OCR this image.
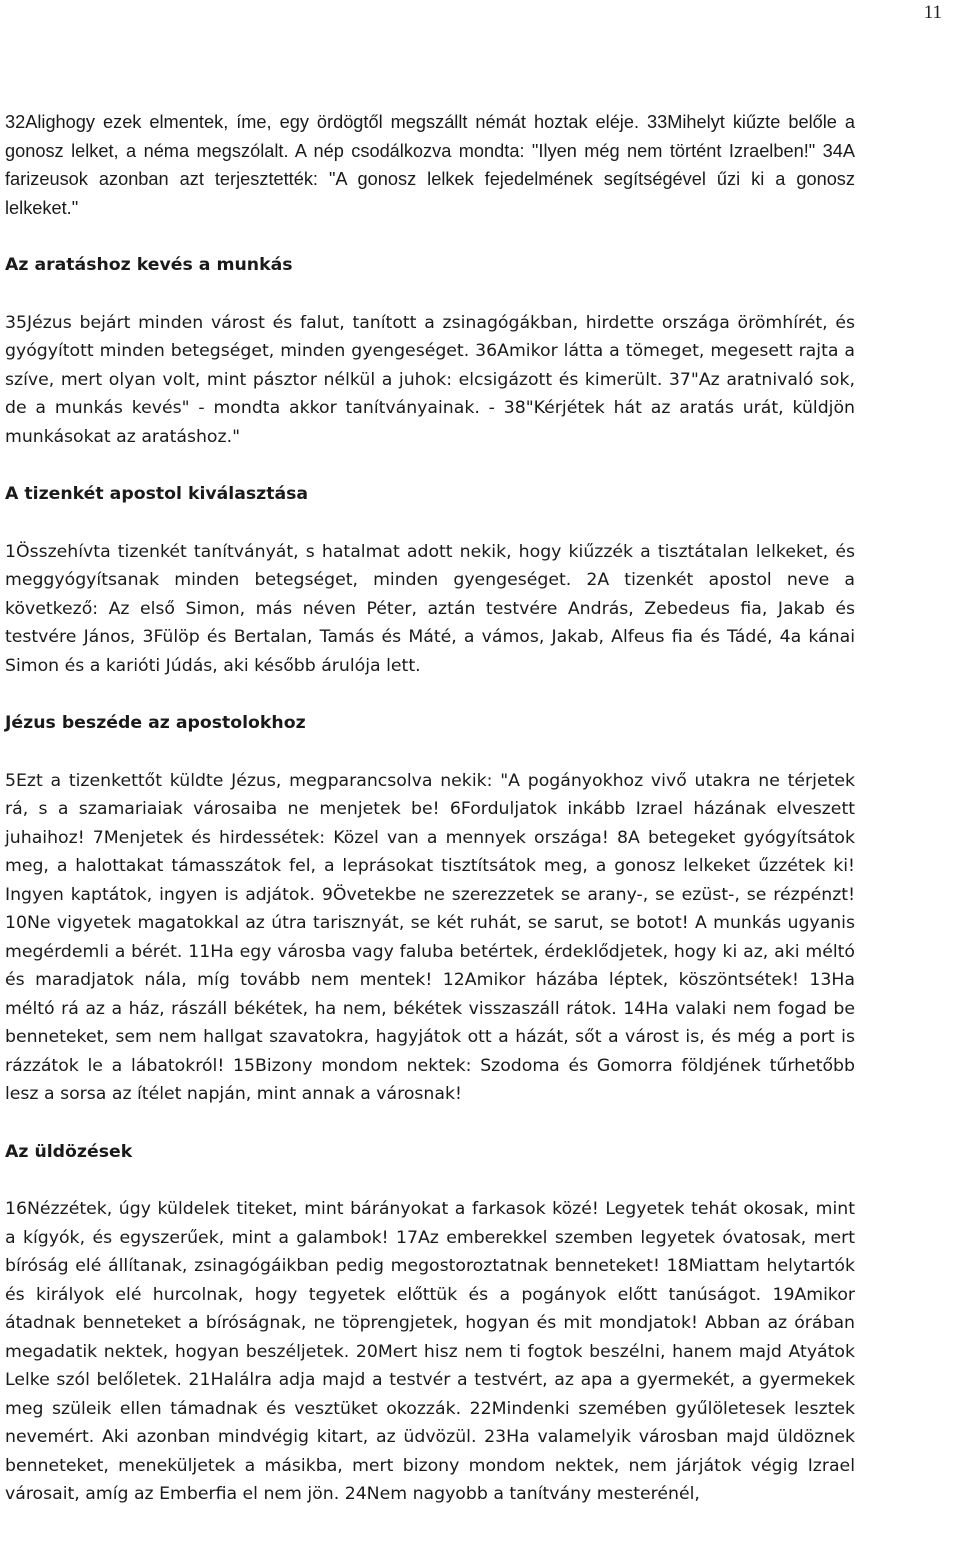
11

32Alighogy ezek elmentek, íme, egy ördögtől megszállt némát hoztak eléje. 33Mihelyt kiűzte belőle a gonosz lelket, a néma megszólalt. A nép csodálkozva mondta: "Ilyen még nem történt Izraelben!" 34A farizeusok azonban azt terjesztették: "A gonosz lelkek fejedelmének segítségével űzi ki a gonosz lelkeket."

Az aratáshoz kevés a munkás

35Jézus bejárt minden várost és falut, tanított a zsinagógákban, hirdette országa örömhírét, és gyógyított minden betegséget, minden gyengeséget. 36Amikor látta a tömeget, megesett rajta a szíve, mert olyan volt, mint pásztor nélkül a juhok: elcsigázott és kimerült. 37"Az aratnivaló sok, de a munkás kevés" - mondta akkor tanítványainak. - 38"Kérjétek hát az aratás urát, küldjön munkásokat az aratáshoz."

A tizenkét apostol kiválasztása

1Összehívta tizenkét tanítványát, s hatalmat adott nekik, hogy kiűzzék a tisztátalan lelkeket, és meggyógyítsanak minden betegséget, minden gyengeséget. 2A tizenkét apostol neve a következő: Az első Simon, más néven Péter, aztán testvére András, Zebedeus fia, Jakab és testvére János, 3Fülöp és Bertalan, Tamás és Máté, a vámos, Jakab, Alfeus fia és Tádé, 4a kánai Simon és a karióti Júdás, aki később árulója lett.

Jézus beszéde az apostolokhoz

5Ezt a tizenkettőt küldte Jézus, megparancsolva nekik: "A pogányokhoz vivő utakra ne térjetek rá, s a szamariaiak városaiba ne menjetek be! 6Forduljatok inkább Izrael házának elveszett juhaihoz! 7Menjetek és hirdessétek: Közel van a mennyek országa! 8A betegeket gyógyítsátok meg, a halottakat támasszátok fel, a leprásokat tisztítsátok meg, a gonosz lelkeket űzzétek ki! Ingyen kaptátok, ingyen is adjátok. 9Övetekbe ne szerezzetek se arany-, se ezüst-, se rézpénzt! 10Ne vigyetek magatokkal az útra tarisznyát, se két ruhát, se sarut, se botot! A munkás ugyanis megérdemli a bérét. 11Ha egy városba vagy faluba betértek, érdeklődjetek, hogy ki az, aki méltó és maradjatok nála, míg tovább nem mentek! 12Amikor házába léptek, köszöntsétek! 13Ha méltó rá az a ház, rászáll békétek, ha nem, békétek visszaszáll rátok. 14Ha valaki nem fogad be benneteket, sem nem hallgat szavatokra, hagyjátok ott a házát, sőt a várost is, és még a port is rázzátok le a lábatokról! 15Bizony mondom nektek: Szodoma és Gomorra földjének tűrhetőbb lesz a sorsa az ítélet napján, mint annak a városnak!

Az üldözések

16Nézzétek, úgy küldelek titeket, mint bárányokat a farkasok közé! Legyetek tehát okosak, mint a kígyók, és egyszerűek, mint a galambok! 17Az emberekkel szemben legyetek óvatosak, mert bíróság elé állítanak, zsinagógáikban pedig megostoroztatnak benneteket! 18Miattam helytartók és királyok elé hurcolnak, hogy tegyetek előttük és a pogányok előtt tanúságot. 19Amikor átadnak benneteket a bíróságnak, ne töprengjetek, hogyan és mit mondjatok! Abban az órában megadatik nektek, hogyan beszéljetek. 20Mert hisz nem ti fogtok beszélni, hanem majd Atyátok Lelke szól belőletek. 21Halálra adja majd a testvér a testvért, az apa a gyermekét, a gyermekek meg szüleik ellen támadnak és vesztüket okozzák. 22Mindenki szemében gyűlöletesek lesztek nevemért. Aki azonban mindvégig kitart, az üdvözül. 23Ha valamelyik városban majd üldöznek benneteket, meneküljetek a másikba, mert bizony mondom nektek, nem járjátok végig Izrael városait, amíg az Emberfia el nem jön. 24Nem nagyobb a tanítvány mesterénél,
